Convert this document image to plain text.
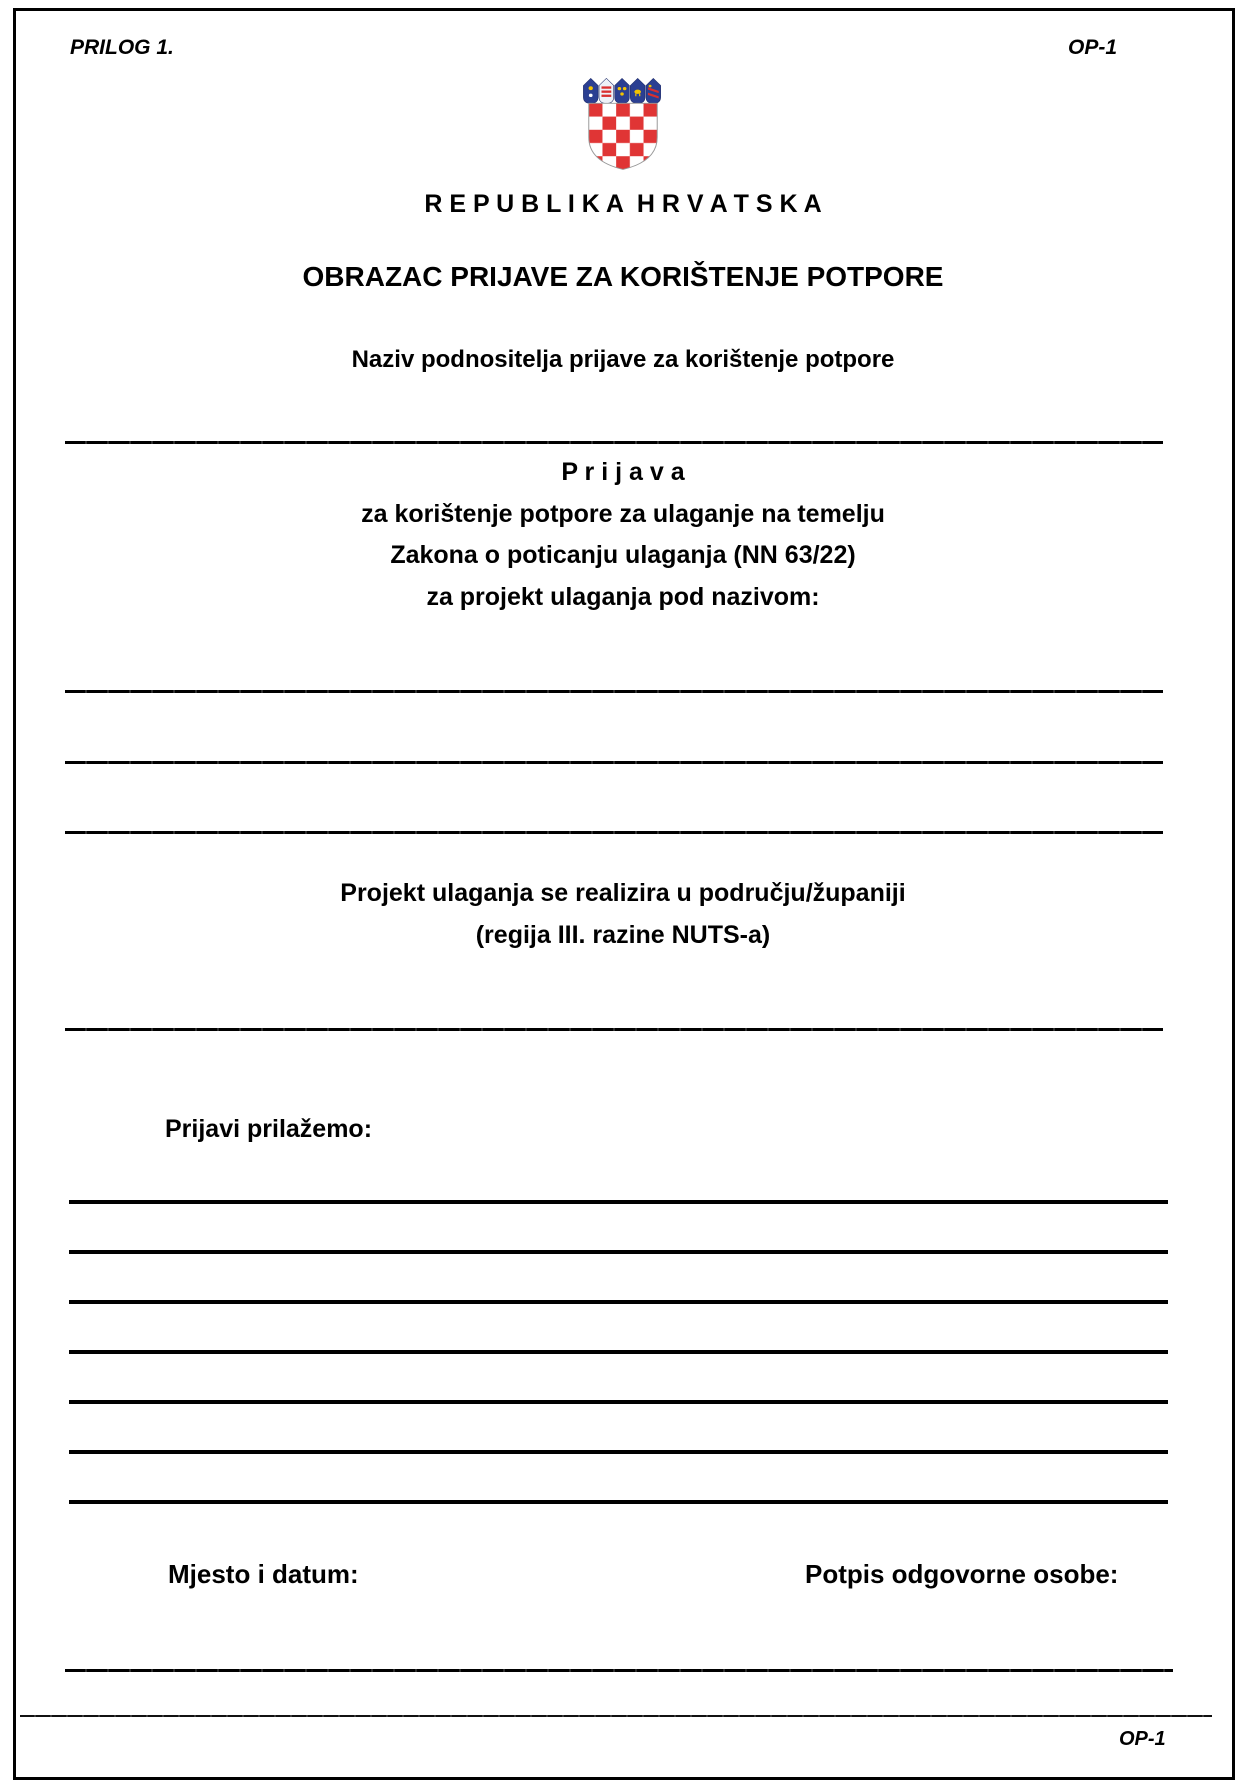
PRILOG 1.	OP-1
R E P U B L I K A  H R V A T S K A
OBRAZAC PRIJAVE ZA KORIŠTENJE POTPORE
Naziv podnositelja prijave za korištenje potpore
P r i j a v a
za korištenje potpore za ulaganje na temelju
Zakona o poticanju ulaganja (NN 63/22)
za projekt ulaganja pod nazivom:
Projekt ulaganja se realizira u području/županiji
(regija III. razine NUTS-a)
Prijavi prilažemo:
Mjesto i datum:	Potpis odgovorne osobe:
OP-1
